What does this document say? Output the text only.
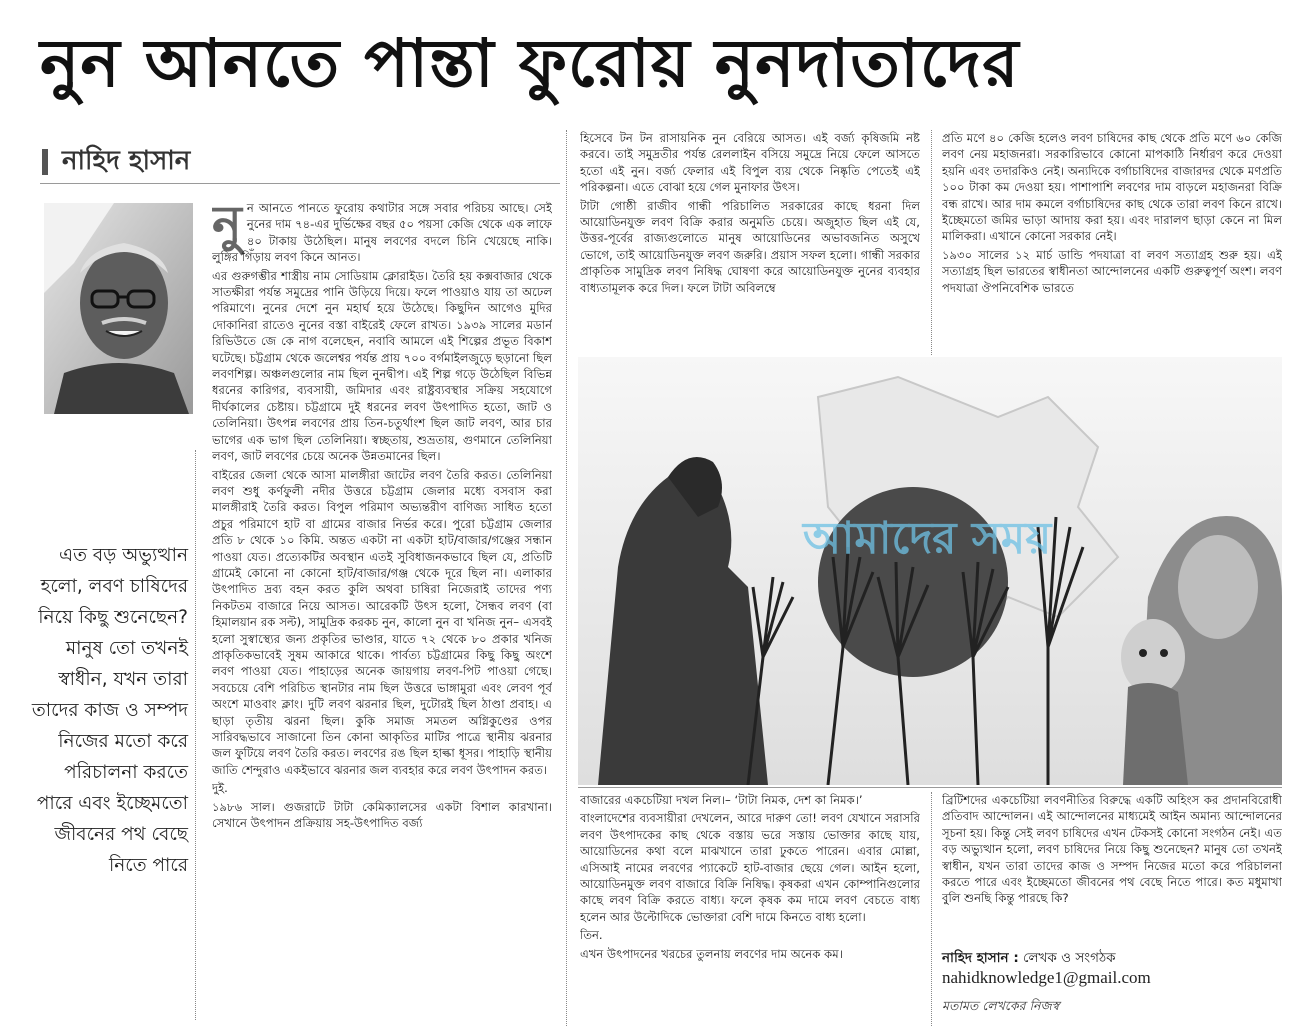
নুন আনতে পান্তা ফুরোয় নুনদাতাদের
নাহিদ হাসান
এত বড় অভ্যুত্থান হলো, লবণ চাষিদের নিয়ে কিছু শুনেছেন? মানুষ তো তখনই স্বাধীন, যখন তারা তাদের কাজ ও সম্পদ নিজের মতো করে পরিচালনা করতে পারে এবং ইচ্ছেমতো জীবনের পথ বেছে নিতে পারে

নু ন আনতে পানতে ফুরোয় কথাটার সঙ্গে সবার পরিচয় আছে। সেই নুনের দাম ৭৪-এর দুর্ভিক্ষের বছর ৫০ পয়সা কেজি থেকে এক লাফে ৪০ টাকায় উঠেছিল। মানুষ লবণের বদলে চিনি খেয়েছে নাকি। লুঙ্গির গিঁড়ায় লবণ কিনে আনত।

এর গুরুগম্ভীর শাস্ত্রীয় নাম সোডিয়াম ক্লোরাইড। তৈরি হয় কক্সবাজার থেকে সাতক্ষীরা পর্যন্ত সমুদ্রের পানি উড়িয়ে দিয়ে। ফলে পাওয়াও যায় তা অঢেল পরিমাণে। নুনের দেশে নুন মহার্ঘ হয়ে উঠেছে। কিছুদিন আগেও মুদির দোকানিরা রাতেও নুনের বস্তা বাইরেই ফেলে রাখত। ১৯৩৯ সালের মডার্ন রিভিউতে জে কে নাগ বলেছেন, নবাবি আমলে এই শিল্পের প্রভূত বিকাশ ঘটেছে। চট্টগ্রাম থেকে জলেশ্বর পর্যন্ত প্রায় ৭০০ বর্গমাইলজুড়ে ছড়ানো ছিল লবণশিল্প। অঞ্চলগুলোর নাম ছিল নুনদ্বীপ। এই শিল্প গড়ে উঠেছিল বিভিন্ন ধরনের কারিগর, ব্যবসায়ী, জমিদার এবং রাষ্ট্রব্যবস্থার সক্রিয় সহযোগে দীর্ঘকালের চেষ্টায়। চট্টগ্রামে দুই ধরনের লবণ উৎপাদিত হতো, জাট ও তেলিনিয়া। উৎপন্ন লবণের প্রায় তিন-চতুর্থাংশ ছিল জাট লবণ, আর চার ভাগের এক ভাগ ছিল তেলিনিয়া। স্বচ্ছতায়, শুভ্রতায়, গুণমানে তেলিনিয়া লবণ, জাট লবণের চেয়ে অনেক উন্নতমানের ছিল।

বাইরের জেলা থেকে আসা মালঙ্গীরা জাটের লবণ তৈরি করত। তেলিনিয়া লবণ শুধু কর্ণফুলী নদীর উত্তরে চট্টগ্রাম জেলার মধ্যে বসবাস করা মালঙ্গীরাই তৈরি করত। বিপুল পরিমাণ অভ্যন্তরীণ বাণিজ্য সাধিত হতো প্রচুর পরিমাণে হাট বা গ্রামের বাজার নির্ভর করে। পুরো চট্টগ্রাম জেলার প্রতি ৮ থেকে ১০ কিমি. অন্তত একটা না একটা হাট/বাজার/গঞ্জের সন্ধান পাওয়া যেত। প্রত্যেকটির অবস্থান এতই সুবিধাজনকভাবে ছিল যে, প্রতিটি গ্রামেই কোনো না কোনো হাট/বাজার/গঞ্জ থেকে দূরে ছিল না। এলাকার উৎপাদিত দ্রব্য বহন করত কুলি অথবা চাষিরা নিজেরাই তাদের পণ্য নিকটতম বাজারে নিয়ে আসত। আরেকটি উৎস হলো, সৈন্ধব লবণ (বা হিমালয়ান রক সল্ট), সামুদ্রিক করকচ নুন, কালো নুন বা খনিজ নুন– এসবই হলো সুস্বাস্থ্যের জন্য প্রকৃতির ভাণ্ডার, যাতে ৭২ থেকে ৮০ প্রকার খনিজ প্রাকৃতিকভাবেই সুষম আকারে থাকে। পার্বত্য চট্টগ্রামের কিছু কিছু অংশে লবণ পাওয়া যেত। পাহাড়ের অনেক জায়গায় লবণ-পিট পাওয়া গেছে। সবচেয়ে বেশি পরিচিত স্থানটার নাম ছিল উত্তরে ভাঙ্গামুরা এবং লেবণ পূর্ব অংশে মাওবাং ক্লাং। দুটি লবণ ঝরনার ছিল, দুটোরই ছিল ঠাণ্ডা প্রবাহ। এ ছাড়া তৃতীয় ঝরনা ছিল। কুকি সমাজ সমতল অগ্নিকুণ্ডের ওপর সারিবদ্ধভাবে সাজানো তিন কোনা আকৃতির মাটির পাত্রে স্থানীয় ঝরনার জল ফুটিয়ে লবণ তৈরি করত। লবণের রঙ ছিল হাল্কা ধূসর। পাহাড়ি স্থানীয় জাতি শেন্দুরাও একইভাবে ঝরনার জল ব্যবহার করে লবণ উৎপাদন করত।

দুই.

১৯৮৬ সাল। গুজরাটে টাটা কেমিক্যালসের একটা বিশাল কারখানা। সেখানে উৎপাদন প্রক্রিয়ায় সহ-উৎপাদিত বর্জ্য

হিসেবে টন টন রাসায়নিক নুন বেরিয়ে আসত। এই বর্জ্য কৃষিজমি নষ্ট করবে। তাই সমুদ্রতীর পর্যন্ত রেললাইন বসিয়ে সমুদ্রে নিয়ে ফেলে আসতে হতো এই নুন। বর্জ্য ফেলার এই বিপুল ব্যয় থেকে নিষ্কৃতি পেতেই এই পরিকল্পনা। এতে বোঝা হয়ে গেল মুনাফার উৎস।

টাটা গোষ্ঠী রাজীব গান্ধী পরিচালিত সরকারের কাছে ধরনা দিল আয়োডিনযুক্ত লবণ বিক্রি করার অনুমতি চেয়ে। অজুহাত ছিল এই যে, উত্তর-পূর্বের রাজ্যগুলোতে মানুষ আয়োডিনের অভাবজনিত অসুখে ভোগে, তাই আয়োডিনযুক্ত লবণ জরুরি। প্রয়াস সফল হলো। গান্ধী সরকার প্রাকৃতিক সামুদ্রিক লবণ নিষিদ্ধ ঘোষণা করে আয়োডিনযুক্ত নুনের ব্যবহার বাধ্যতামূলক করে দিল। ফলে টাটা অবিলম্বে

প্রতি মণে ৪০ কেজি হলেও লবণ চাষিদের কাছ থেকে প্রতি মণে ৬০ কেজি লবণ নেয় মহাজনরা। সরকারিভাবে কোনো মাপকাঠি নির্ধারণ করে দেওয়া হয়নি এবং তদারকিও নেই। অন্যদিকে বর্গাচাষিদের বাজারদর থেকে মণপ্রতি ১০০ টাকা কম দেওয়া হয়। পাশাপাশি লবণের দাম বাড়লে মহাজনরা বিক্রি বন্ধ রাখে। আর দাম কমলে বর্গাচাষিদের কাছ থেকে তারা লবণ কিনে রাখে। ইচ্ছেমতো জমির ভাড়া আদায় করা হয়। এবং দারালণ ছাড়া কেনে না মিল মালিকরা। এখানে কোনো সরকার নেই।

১৯৩০ সালের ১২ মার্চ ডান্ডি পদযাত্রা বা লবণ সত্যাগ্রহ শুরু হয়। এই সত্যাগ্রহ ছিল ভারতের স্বাধীনতা আন্দোলনের একটি গুরুত্বপূর্ণ অংশ। লবণ পদযাত্রা ঔপনিবেশিক ভারতে

আমাদের সময়

বাজারের একচেটিয়া দখল নিল।– ‘টাটা নিমক, দেশ কা নিমক।’

বাংলাদেশের ব্যবসায়ীরা দেখলেন, আরে দারুণ তো! লবণ যেখানে সরাসরি লবণ উৎপাদকের কাছ থেকে বস্তায় ভরে সস্তায় ভোক্তার কাছে যায়, আয়োডিনের কথা বলে মাঝখানে তারা ঢুকতে পারেন। এবার মোল্লা, এসিআই নামের লবণের প্যাকেটে হাট-বাজার ছেয়ে গেল। আইন হলো, আয়োডিনমুক্ত লবণ বাজারে বিক্রি নিষিদ্ধ। কৃষকরা এখন কোম্পানিগুলোর কাছে লবণ বিক্রি করতে বাধ্য। ফলে কৃষক কম দামে লবণ বেচতে বাধ্য হলেন আর উল্টোদিকে ভোক্তারা বেশি দামে কিনতে বাধ্য হলো।

তিন.

এখন উৎপাদনের খরচের তুলনায় লবণের দাম অনেক কম।

ব্রিটিশদের একচেটিয়া লবণনীতির বিরুদ্ধে একটি অহিংস কর প্রদানবিরোধী প্রতিবাদ আন্দোলন। এই আন্দোলনের মাধ্যমেই আইন অমান্য আন্দোলনের সূচনা হয়। কিন্তু সেই লবণ চাষিদের এখন টেকসই কোনো সংগঠন নেই। এত বড় অভ্যুত্থান হলো, লবণ চাষিদের নিয়ে কিছু শুনেছেন? মানুষ তো তখনই স্বাধীন, যখন তারা তাদের কাজ ও সম্পদ নিজের মতো করে পরিচালনা করতে পারে এবং ইচ্ছেমতো জীবনের পথ বেছে নিতে পারে। কত মধুমাখা বুলি শুনছি কিন্তু পারছে কি?

নাহিদ হাসান : লেখক ও সংগঠক
nahidknowledge1@gmail.com
মতামত লেখকের নিজস্ব
